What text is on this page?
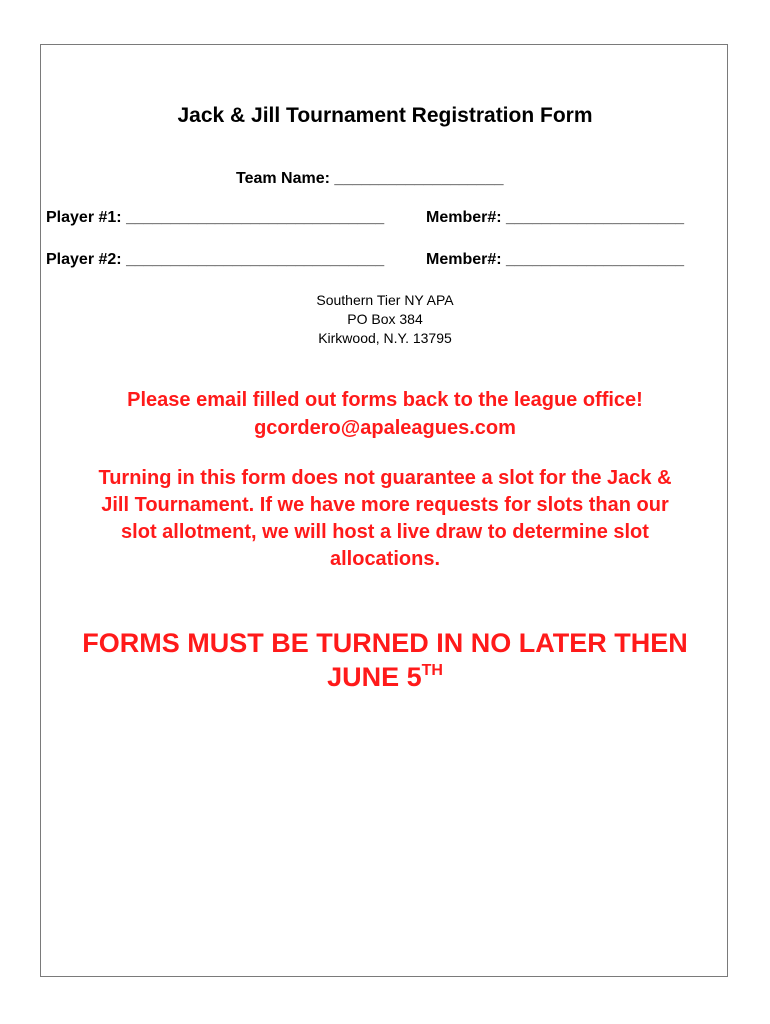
Jack & Jill Tournament Registration Form
Team Name: ___________________
Player #1: _____________________________	Member#: ____________________
Player #2: _____________________________	Member#: ____________________
Southern Tier NY APA
PO Box 384
Kirkwood, N.Y. 13795
Please email filled out forms back to the league office!
gcordero@apaleagues.com
Turning in this form does not guarantee a slot for the Jack &
Jill Tournament. If we have more requests for slots than our
slot allotment, we will host a live draw to determine slot
allocations.
FORMS MUST BE TURNED IN NO LATER THEN
JUNE 5TH
